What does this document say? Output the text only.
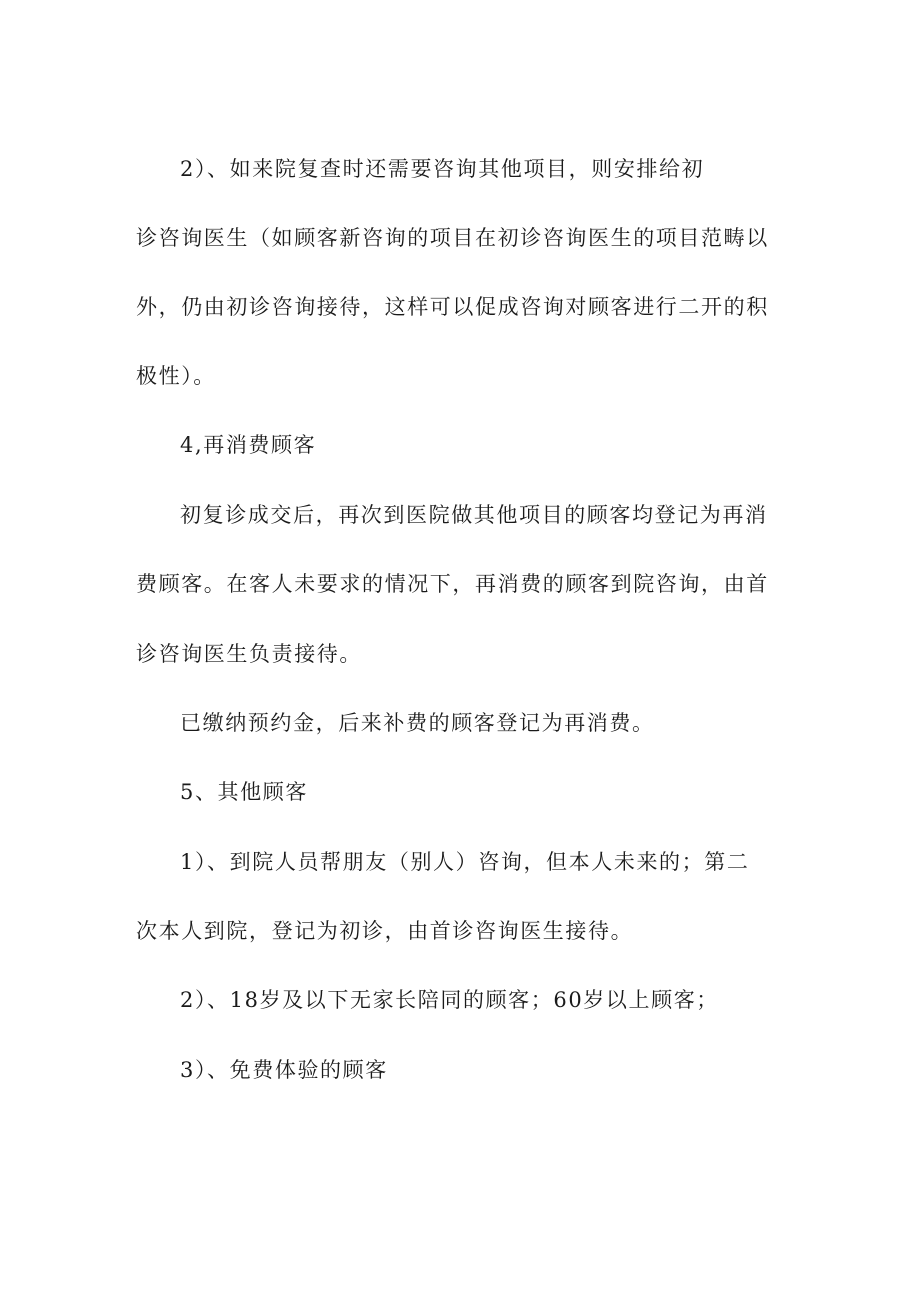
2）、如来院复查时还需要咨询其他项目，则安排给初
诊咨询医生（如顾客新咨询的项目在初诊咨询医生的项目范畴以
外，仍由初诊咨询接待，这样可以促成咨询对顾客进行二开的积
极性）。
4,再消费顾客
初复诊成交后，再次到医院做其他项目的顾客均登记为再消
费顾客。在客人未要求的情况下，再消费的顾客到院咨询，由首
诊咨询医生负责接待。
已缴纳预约金，后来补费的顾客登记为再消费。
5、其他顾客
1）、到院人员帮朋友（别人）咨询，但本人未来的；第二
次本人到院，登记为初诊，由首诊咨询医生接待。
2）、18岁及以下无家长陪同的顾客；60岁以上顾客；
3）、免费体验的顾客
